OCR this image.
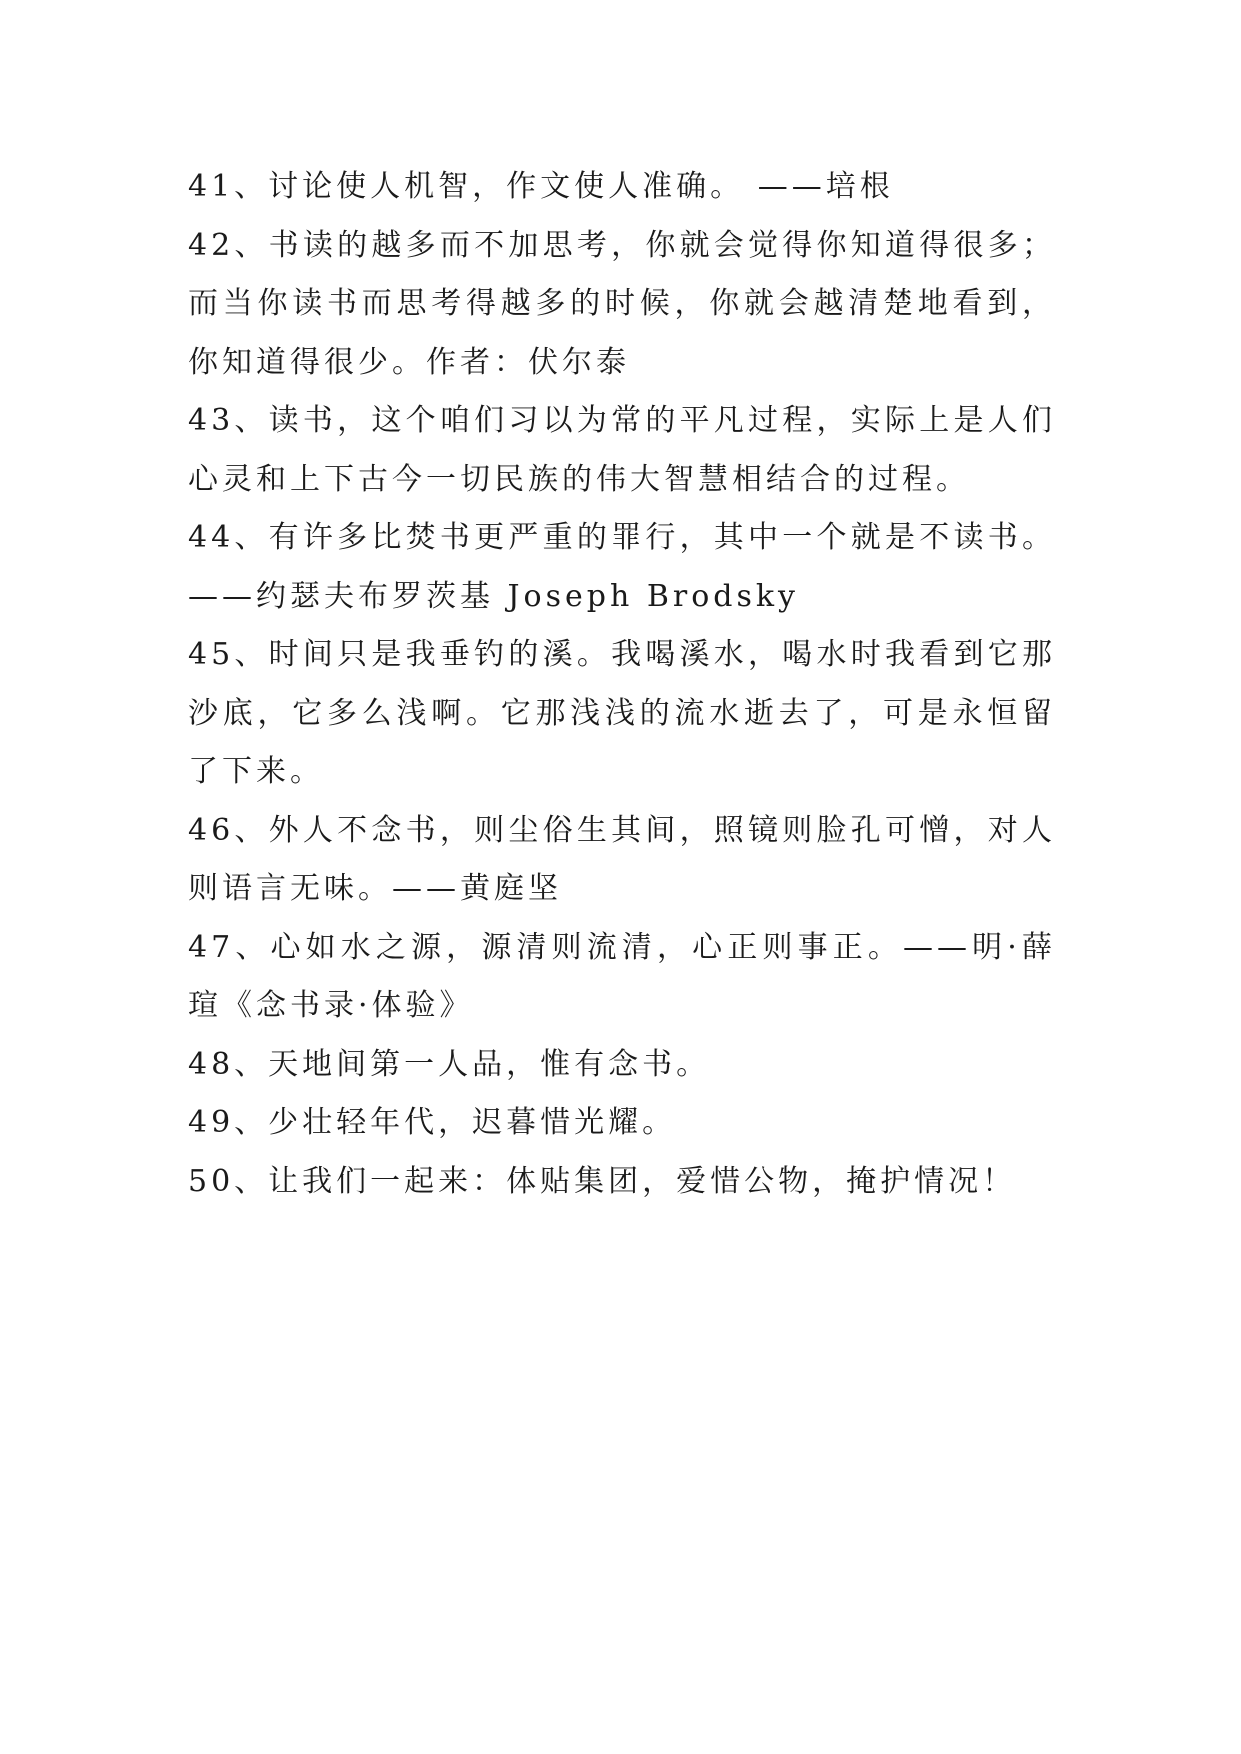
41、讨论使人机智，作文使人准确。 ——培根

42、书读的越多而不加思考，你就会觉得你知道得很多；而当你读书而思考得越多的时候，你就会越清楚地看到，你知道得很少。作者：伏尔泰

43、读书，这个咱们习以为常的平凡过程，实际上是人们心灵和上下古今一切民族的伟大智慧相结合的过程。

44、有许多比焚书更严重的罪行，其中一个就是不读书。——约瑟夫布罗茨基 Joseph Brodsky

45、时间只是我垂钓的溪。我喝溪水，喝水时我看到它那沙底，它多么浅啊。它那浅浅的流水逝去了，可是永恒留了下来。

46、外人不念书，则尘俗生其间，照镜则脸孔可憎，对人则语言无味。——黄庭坚

47、心如水之源，源清则流清，心正则事正。——明·薛瑄《念书录·体验》

48、天地间第一人品，惟有念书。

49、少壮轻年代，迟暮惜光耀。

50、让我们一起来：体贴集团，爱惜公物，掩护情况！
